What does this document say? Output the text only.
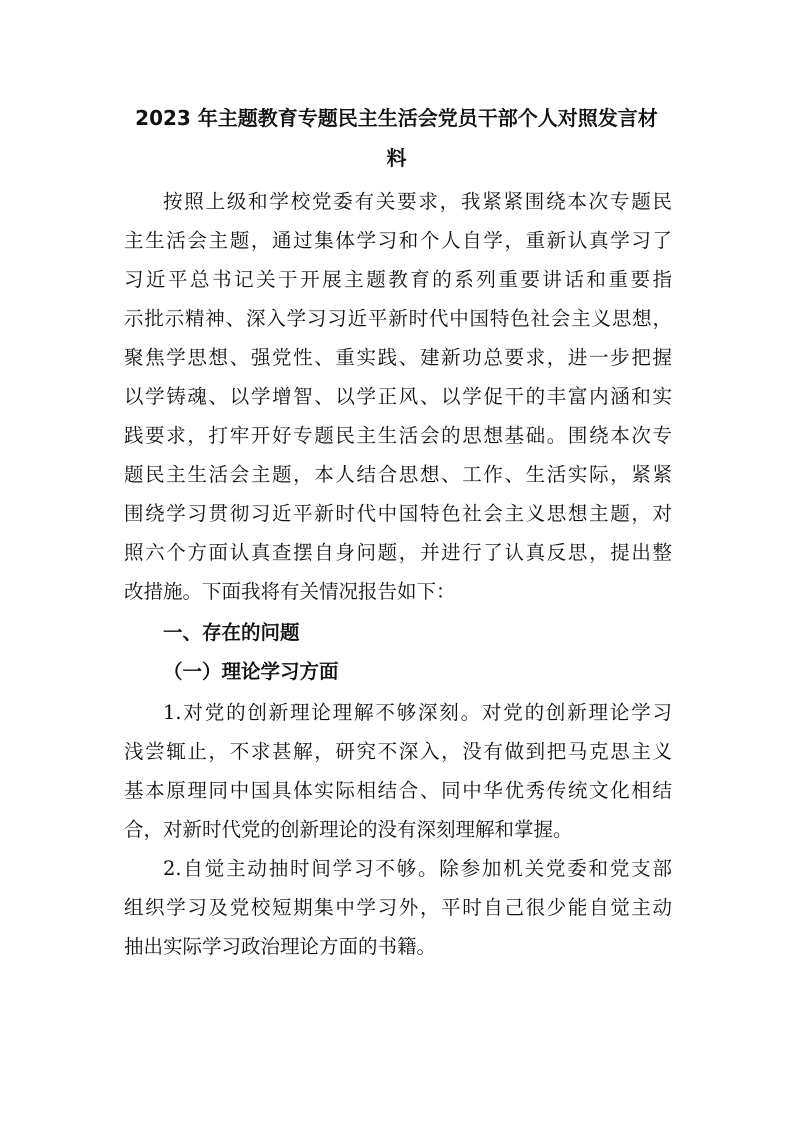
2023 年主题教育专题民主生活会党员干部个人对照发言材
料

按照上级和学校党委有关要求，我紧紧围绕本次专题民

主生活会主题，通过集体学习和个人自学，重新认真学习了

习近平总书记关于开展主题教育的系列重要讲话和重要指

示批示精神、深入学习习近平新时代中国特色社会主义思想，

聚焦学思想、强党性、重实践、建新功总要求，进一步把握

以学铸魂、以学增智、以学正风、以学促干的丰富内涵和实

践要求，打牢开好专题民主生活会的思想基础。围绕本次专

题民主生活会主题，本人结合思想、工作、生活实际，紧紧

围绕学习贯彻习近平新时代中国特色社会主义思想主题，对

照六个方面认真查摆自身问题，并进行了认真反思，提出整

改措施。下面我将有关情况报告如下：

一、存在的问题
（一）理论学习方面

1.对党的创新理论理解不够深刻。对党的创新理论学习

浅尝辄止，不求甚解，研究不深入，没有做到把马克思主义

基本原理同中国具体实际相结合、同中华优秀传统文化相结

合，对新时代党的创新理论的没有深刻理解和掌握。

2.自觉主动抽时间学习不够。除参加机关党委和党支部

组织学习及党校短期集中学习外，平时自己很少能自觉主动

抽出实际学习政治理论方面的书籍。
